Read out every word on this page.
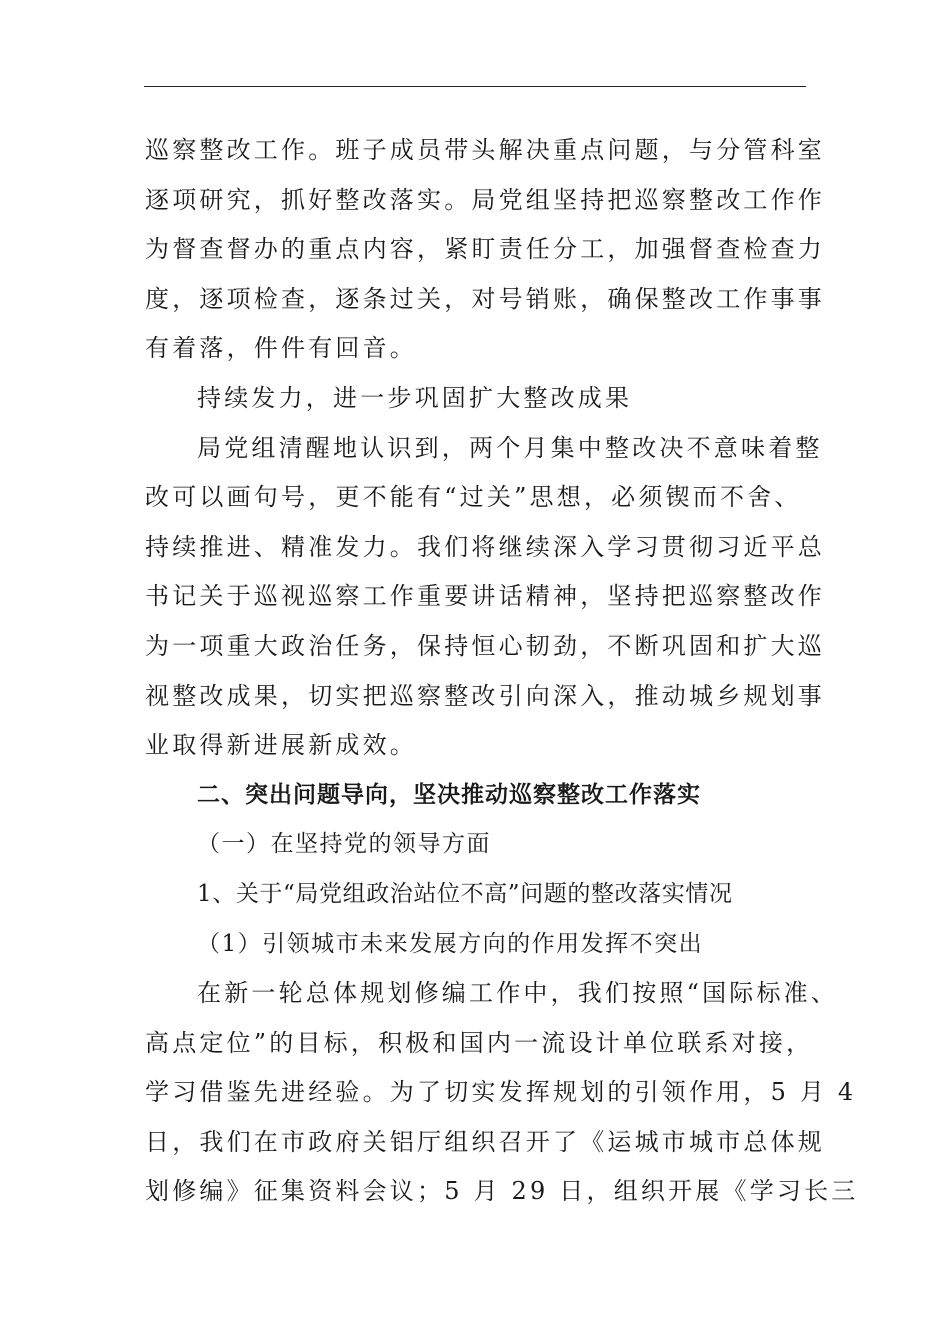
巡察整改工作。班子成员带头解决重点问题，与分管科室
逐项研究，抓好整改落实。局党组坚持把巡察整改工作作
为督查督办的重点内容，紧盯责任分工，加强督查检查力
度，逐项检查，逐条过关，对号销账，确保整改工作事事
有着落，件件有回音。
持续发力，进一步巩固扩大整改成果
局党组清醒地认识到，两个月集中整改决不意味着整
改可以画句号，更不能有“过关”思想，必须锲而不舍、
持续推进、精准发力。我们将继续深入学习贯彻习近平总
书记关于巡视巡察工作重要讲话精神，坚持把巡察整改作
为一项重大政治任务，保持恒心韧劲，不断巩固和扩大巡
视整改成果，切实把巡察整改引向深入，推动城乡规划事
业取得新进展新成效。
二、突出问题导向，坚决推动巡察整改工作落实
（一）在坚持党的领导方面
1、关于“局党组政治站位不高”问题的整改落实情况
（1）引领城市未来发展方向的作用发挥不突出
在新一轮总体规划修编工作中，我们按照“国际标准、
高点定位”的目标，积极和国内一流设计单位联系对接，
学习借鉴先进经验。为了切实发挥规划的引领作用，5 月 4
日，我们在市政府关铝厅组织召开了《运城市城市总体规
划修编》征集资料会议；5 月 29 日，组织开展《学习长三
